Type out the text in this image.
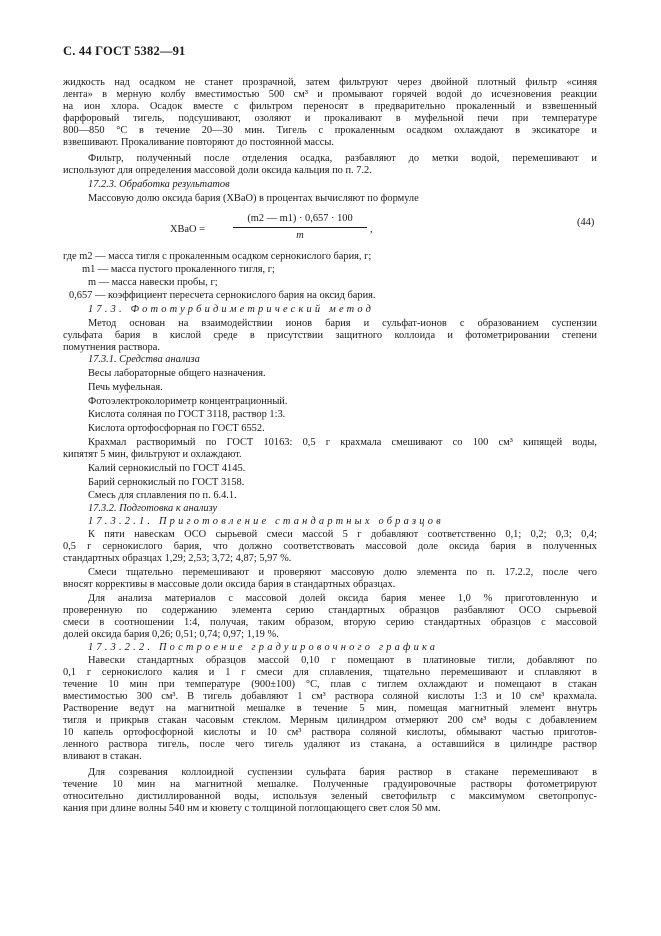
С. 44 ГОСТ 5382—91
жидкость над осадком не станет прозрачной, затем фильтруют через двойной плотный фильтр «синяя
лента» в мерную колбу вместимостью 500 см³ и промывают горячей водой до исчезновения реакции
на ион хлора. Осадок вместе с фильтром переносят в предварительно прокаленный и взвешенный
фарфоровый тигель, подсушивают, озоляют и прокаливают в муфельной печи при температуре
800—850 °С в течение 20—30 мин. Тигель с прокаленным осадком охлаждают в эксикаторе и
взвешивают. Прокаливание повторяют до постоянной массы.
Фильтр, полученный после отделения осадка, разбавляют до метки водой, перемешивают и
используют для определения массовой доли оксида кальция по п. 7.2.
17.2.3. Обработка результатов
Массовую долю оксида бария (XBaO) в процентах вычисляют по формуле
XBaO =
(m2 — m1) · 0,657 · 100
m
,
(44)
где m2 — масса тигля с прокаленным осадком сернокислого бария, г;
m1 — масса пустого прокаленного тигля, г;
m — масса навески пробы, г;
0,657 — коэффициент пересчета сернокислого бария на оксид бария.
17.3. Фототурбидиметрический метод
Метод основан на взаимодействии ионов бария и сульфат-ионов с образованием суспензии
сульфата бария в кислой среде в присутствии защитного коллоида и фотометрировании степени
помутнения раствора.
17.3.1. Средства анализа
Весы лабораторные общего назначения.
Печь муфельная.
Фотоэлектроколориметр концентрационный.
Кислота соляная по ГОСТ 3118, раствор 1:3.
Кислота ортофосфорная по ГОСТ 6552.
Крахмал растворимый по ГОСТ 10163: 0,5 г крахмала смешивают со 100 см³ кипящей воды,
кипятят 5 мин, фильтруют и охлаждают.
Калий сернокислый по ГОСТ 4145.
Барий сернокислый по ГОСТ 3158.
Смесь для сплавления по п. 6.4.1.
17.3.2. Подготовка к анализу
17.3.2.1. Приготовление стандартных образцов
К пяти навескам ОСО сырьевой смеси массой 5 г добавляют соответственно 0,1; 0,2; 0,3; 0,4;
0,5 г сернокислого бария, что должно соответствовать массовой доле оксида бария в полученных
стандартных образцах 1,29; 2,53; 3,72; 4,87; 5,97 %.
Смеси тщательно перемешивают и проверяют массовую долю элемента по п. 17.2.2, после чего
вносят коррективы в массовые доли оксида бария в стандартных образцах.
Для анализа материалов с массовой долей оксида бария менее 1,0 % приготовленную и
проверенную по содержанию элемента серию стандартных образцов разбавляют ОСО сырьевой
смеси в соотношении 1:4, получая, таким образом, вторую серию стандартных образцов с массовой
долей оксида бария 0,26; 0,51; 0,74; 0,97; 1,19 %.
17.3.2.2. Построение градуировочного графика
Навески стандартных образцов массой 0,10 г помещают в платиновые тигли, добавляют по
0,1 г сернокислого калия и 1 г смеси для сплавления, тщательно перемешивают и сплавляют в
течение 10 мин при температуре (900±100) °С, плав с тиглем охлаждают и помещают в стакан
вместимостью 300 см³. В тигель добавляют 1 см³ раствора соляной кислоты 1:3 и 10 см³ крахмала.
Растворение ведут на магнитной мешалке в течение 5 мин, помещая магнитный элемент внутрь
тигля и прикрыв стакан часовым стеклом. Мерным цилиндром отмеряют 200 см³ воды с добавлением
10 капель ортофосфорной кислоты и 10 см³ раствора соляной кислоты, обмывают частью приготов-
ленного раствора тигель, после чего тигель удаляют из стакана, а оставшийся в цилиндре раствор
вливают в стакан.
Для созревания коллоидной суспензии сульфата бария раствор в стакане перемешивают в
течение 10 мин на магнитной мешалке. Полученные градуировочные растворы фотометрируют
относительно дистиллированной воды, используя зеленый светофильтр с максимумом светопропус-
кания при длине волны 540 нм и кювету с толщиной поглощающего свет слоя 50 мм.
